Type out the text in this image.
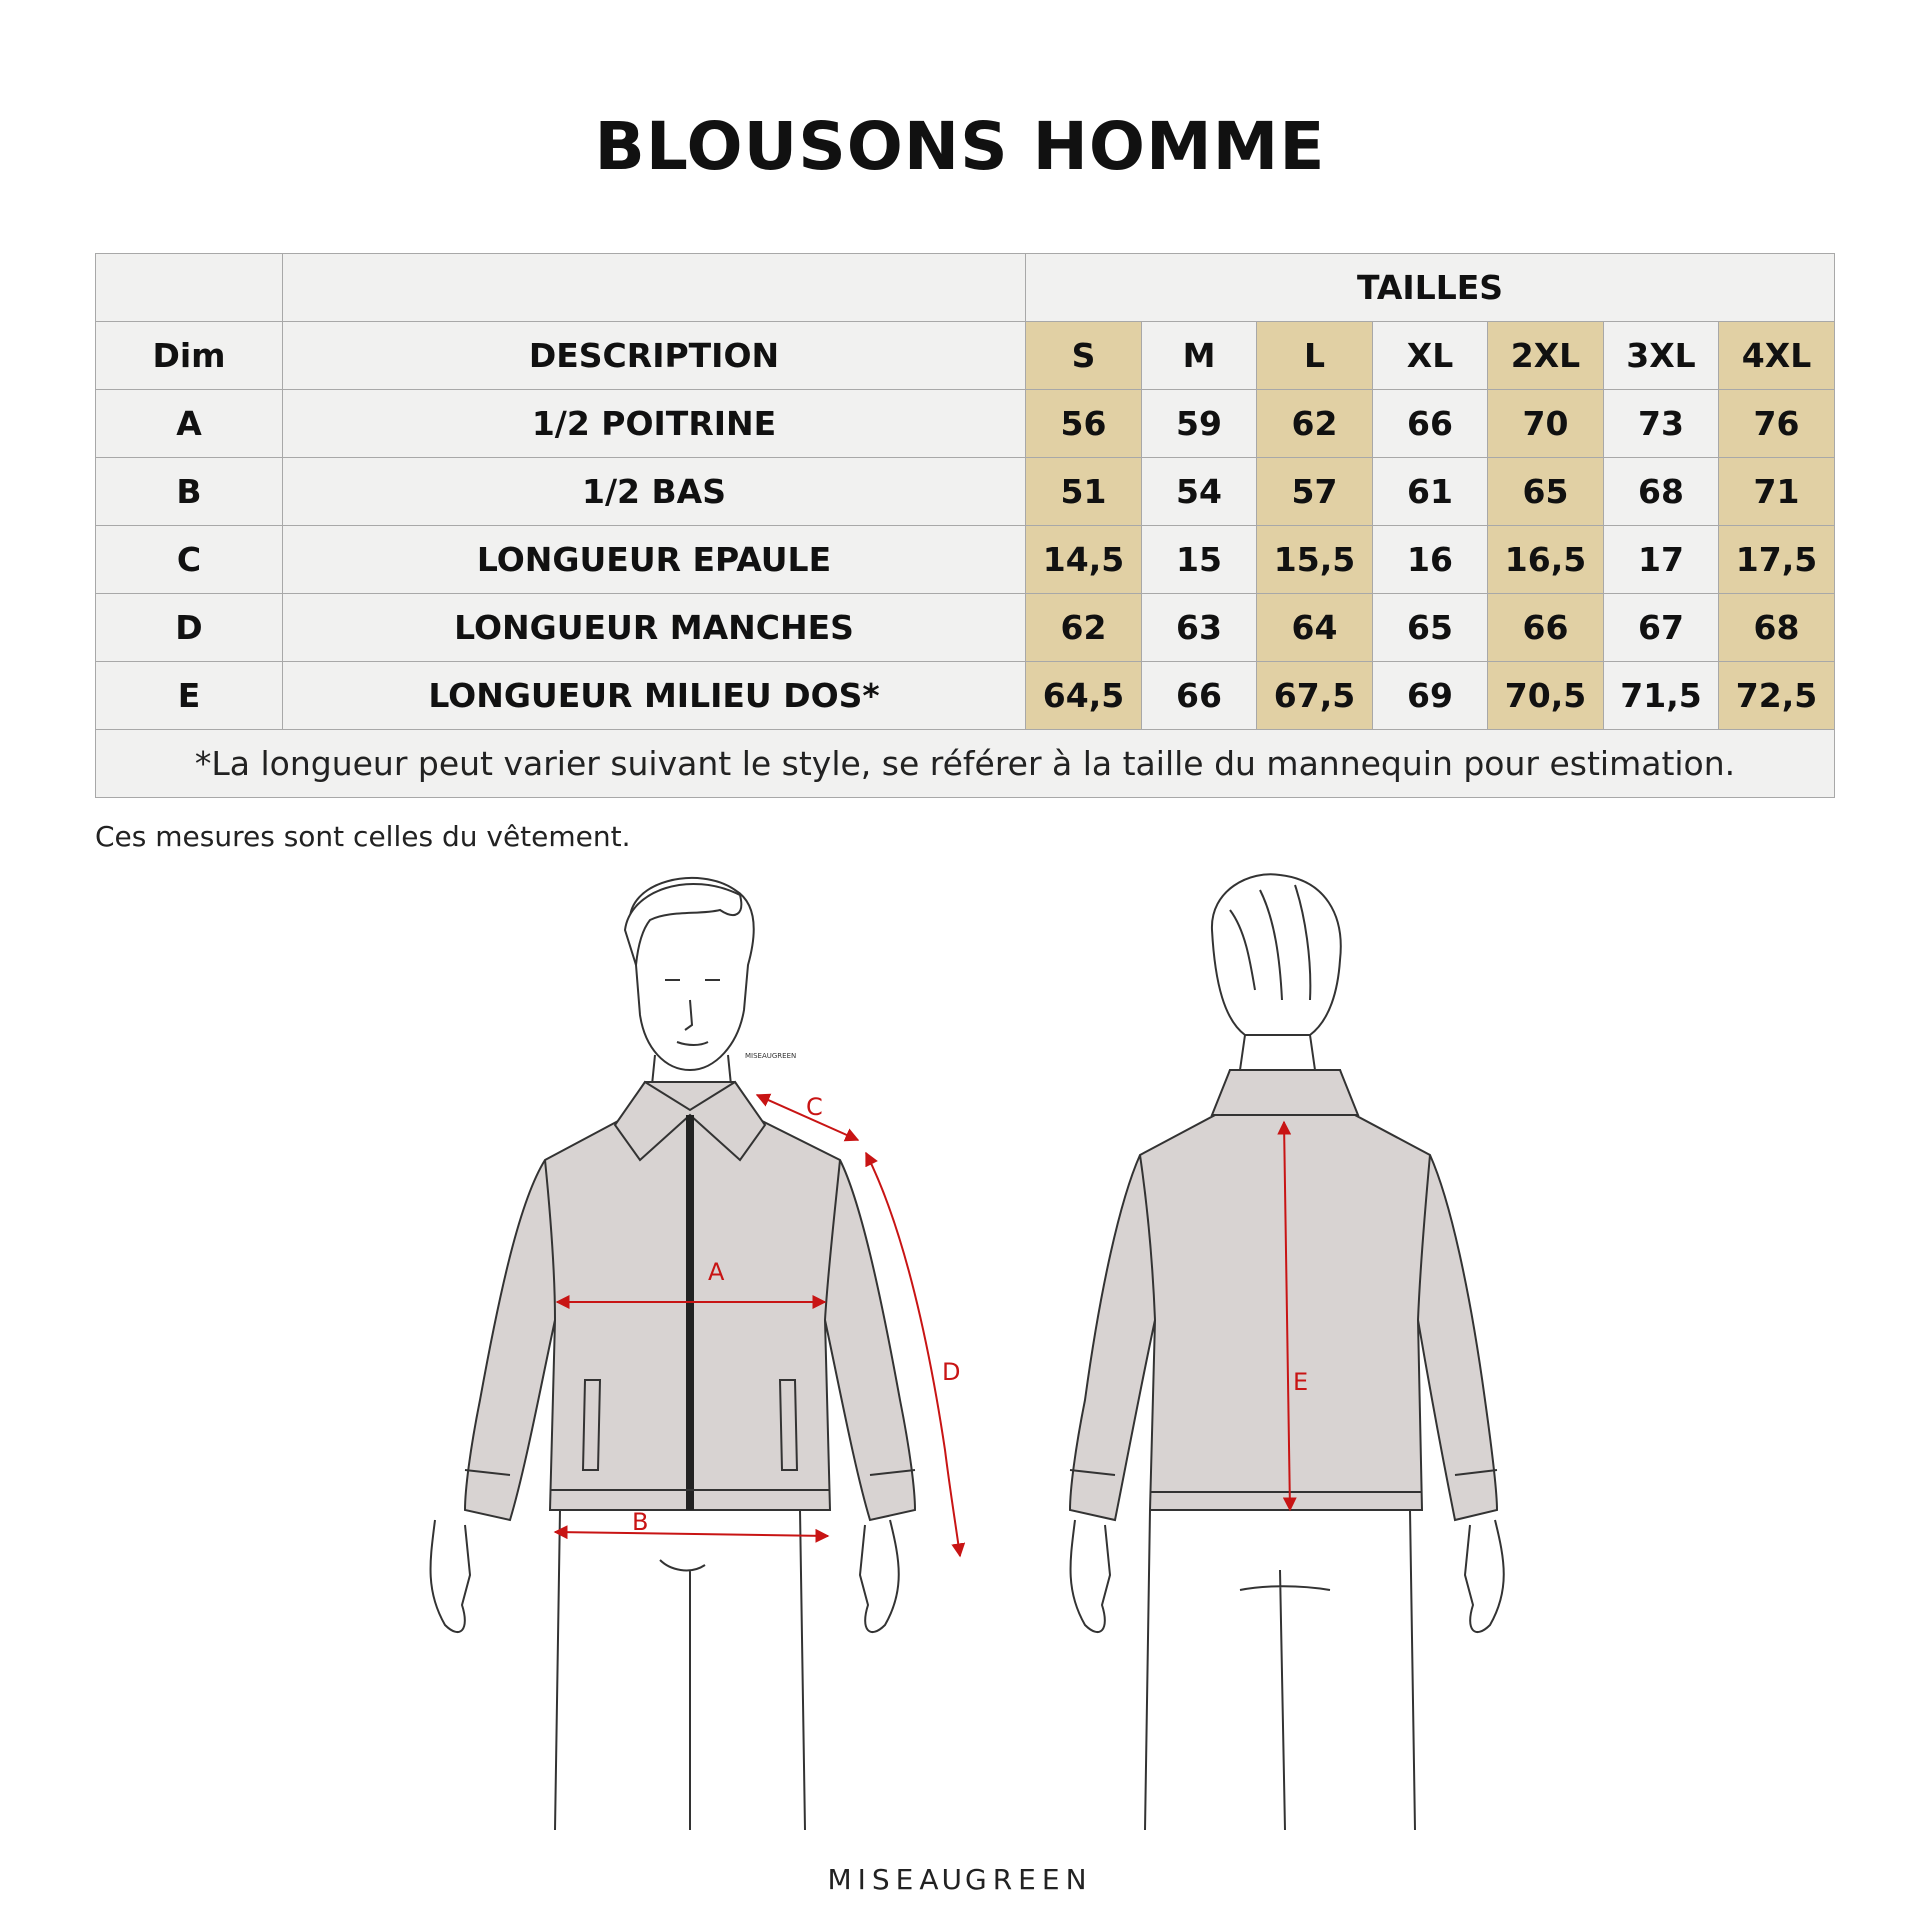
BLOUSONS HOMME
		TAILLES						
Dim	DESCRIPTION	S	M	L	XL	2XL	3XL	4XL
A	1/2 POITRINE	56	59	62	66	70	73	76
B	1/2 BAS	51	54	57	61	65	68	71
C	LONGUEUR EPAULE	14,5	15	15,5	16	16,5	17	17,5
D	LONGUEUR MANCHES	62	63	64	65	66	67	68
E	LONGUEUR MILIEU DOS*	64,5	66	67,5	69	70,5	71,5	72,5
*La longueur peut varier suivant le style, se référer à la taille du mannequin pour estimation.								
Ces mesures sont celles du vêtement.
MISEAUGREEN
A
B
C
D	E
MISEAUGREEN
